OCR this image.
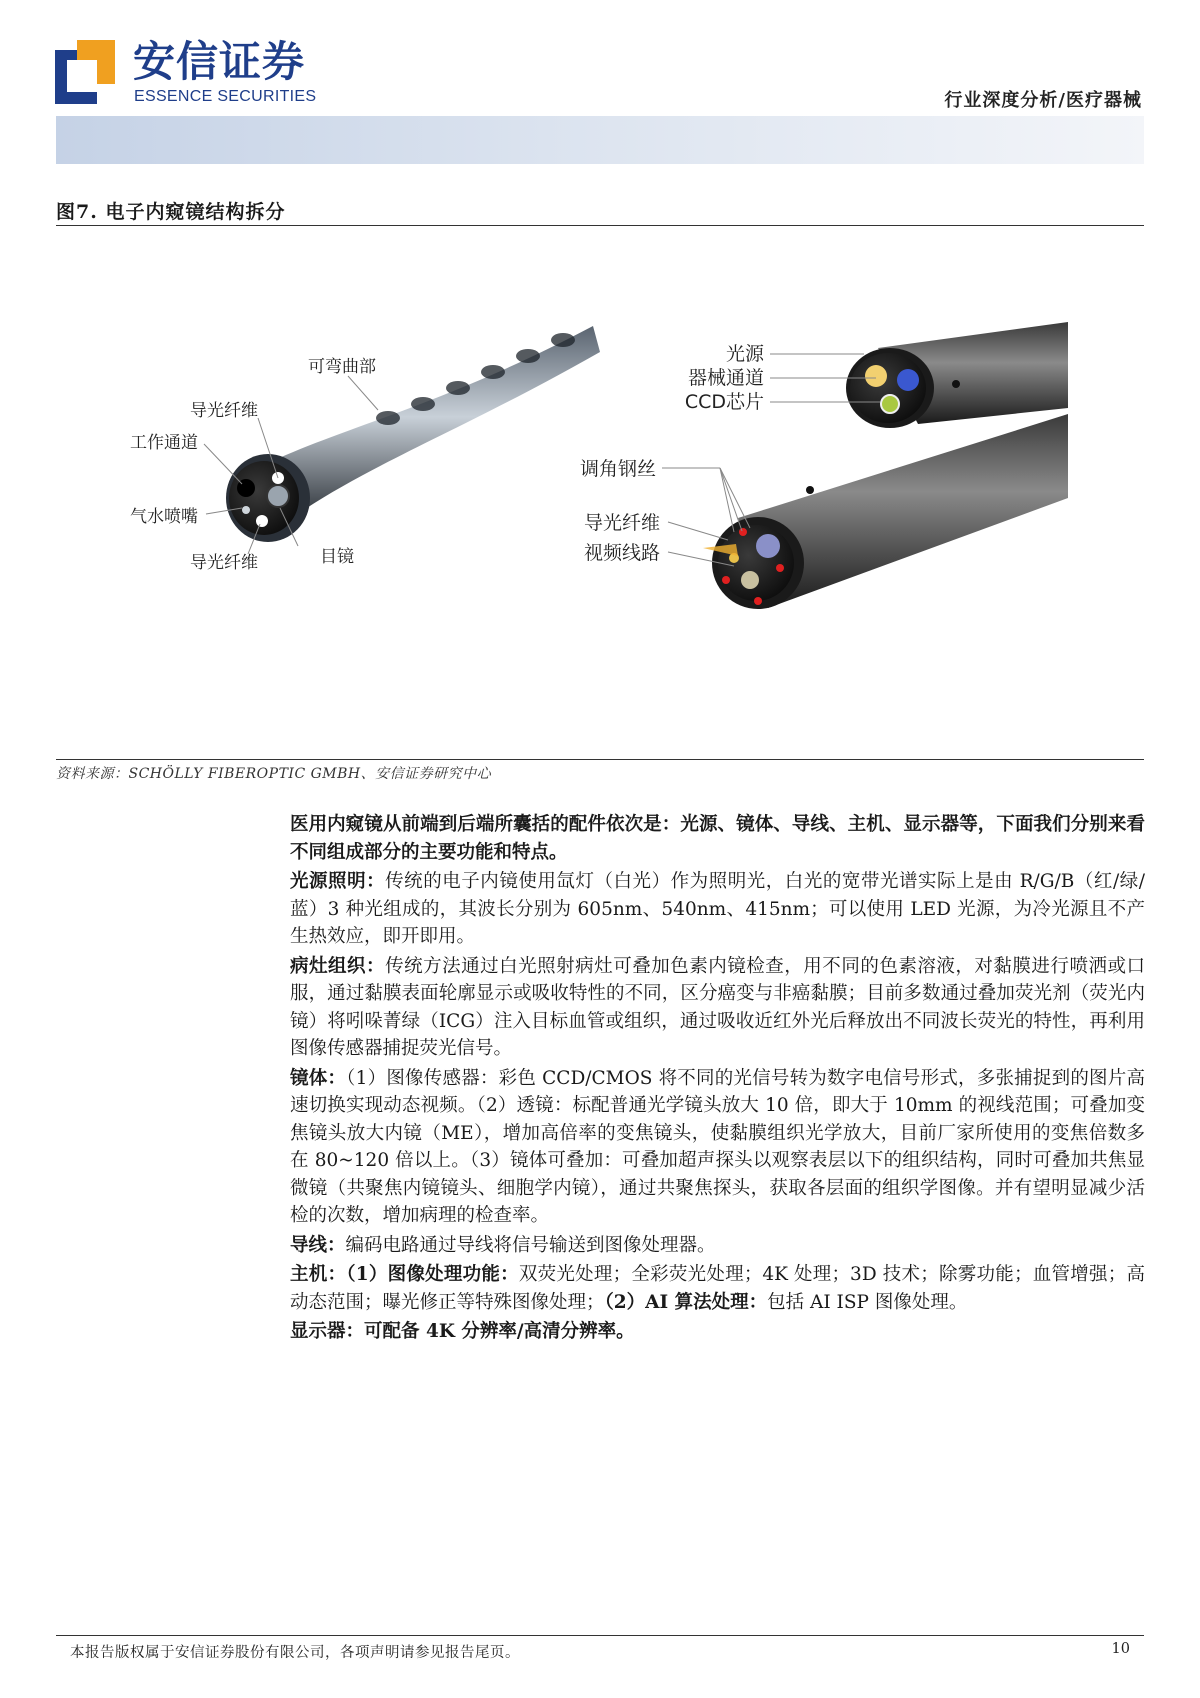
安信证券
ESSENCE SECURITIES	行业深度分析/医疗器械
图7. 电子内窥镜结构拆分
可弯曲部
导光纤维
工作通道
气水喷嘴
导光纤维	目镜
光源
器械通道
CCD芯片
调角钢丝
导光纤维
视频线路
资料来源：SCHÖLLY FIBEROPTIC GMBH、安信证券研究中心

医用内窥镜从前端到后端所囊括的配件依次是：光源、镜体、导线、主机、显示器等，下面我们分别来看不同组成部分的主要功能和特点。

光源照明：传统的电子内镜使用氙灯（白光）作为照明光，白光的宽带光谱实际上是由 R/G/B（红/绿/蓝）3 种光组成的，其波长分别为 605nm、540nm、415nm；可以使用 LED 光源，为冷光源且不产生热效应，即开即用。

病灶组织：传统方法通过白光照射病灶可叠加色素内镜检查，用不同的色素溶液，对黏膜进行喷洒或口服，通过黏膜表面轮廓显示或吸收特性的不同，区分癌变与非癌黏膜；目前多数通过叠加荧光剂（荧光内镜）将吲哚菁绿（ICG）注入目标血管或组织，通过吸收近红外光后释放出不同波长荧光的特性，再利用图像传感器捕捉荧光信号。

镜体：（1）图像传感器：彩色 CCD/CMOS 将不同的光信号转为数字电信号形式，多张捕捉到的图片高速切换实现动态视频。（2）透镜：标配普通光学镜头放大 10 倍，即大于 10mm 的视线范围；可叠加变焦镜头放大内镜（ME），增加高倍率的变焦镜头，使黏膜组织光学放大，目前厂家所使用的变焦倍数多在 80~120 倍以上。（3）镜体可叠加：可叠加超声探头以观察表层以下的组织结构，同时可叠加共焦显微镜（共聚焦内镜镜头、细胞学内镜），通过共聚焦探头，获取各层面的组织学图像。并有望明显减少活检的次数，增加病理的检查率。

导线：编码电路通过导线将信号输送到图像处理器。

主机：（1）图像处理功能：双荧光处理；全彩荧光处理；4K 处理；3D 技术；除雾功能；血管增强；高动态范围；曝光修正等特殊图像处理；（2）AI 算法处理：包括 AI ISP 图像处理。

显示器：可配备 4K 分辨率/高清分辨率。

本报告版权属于安信证券股份有限公司，各项声明请参见报告尾页。	10
